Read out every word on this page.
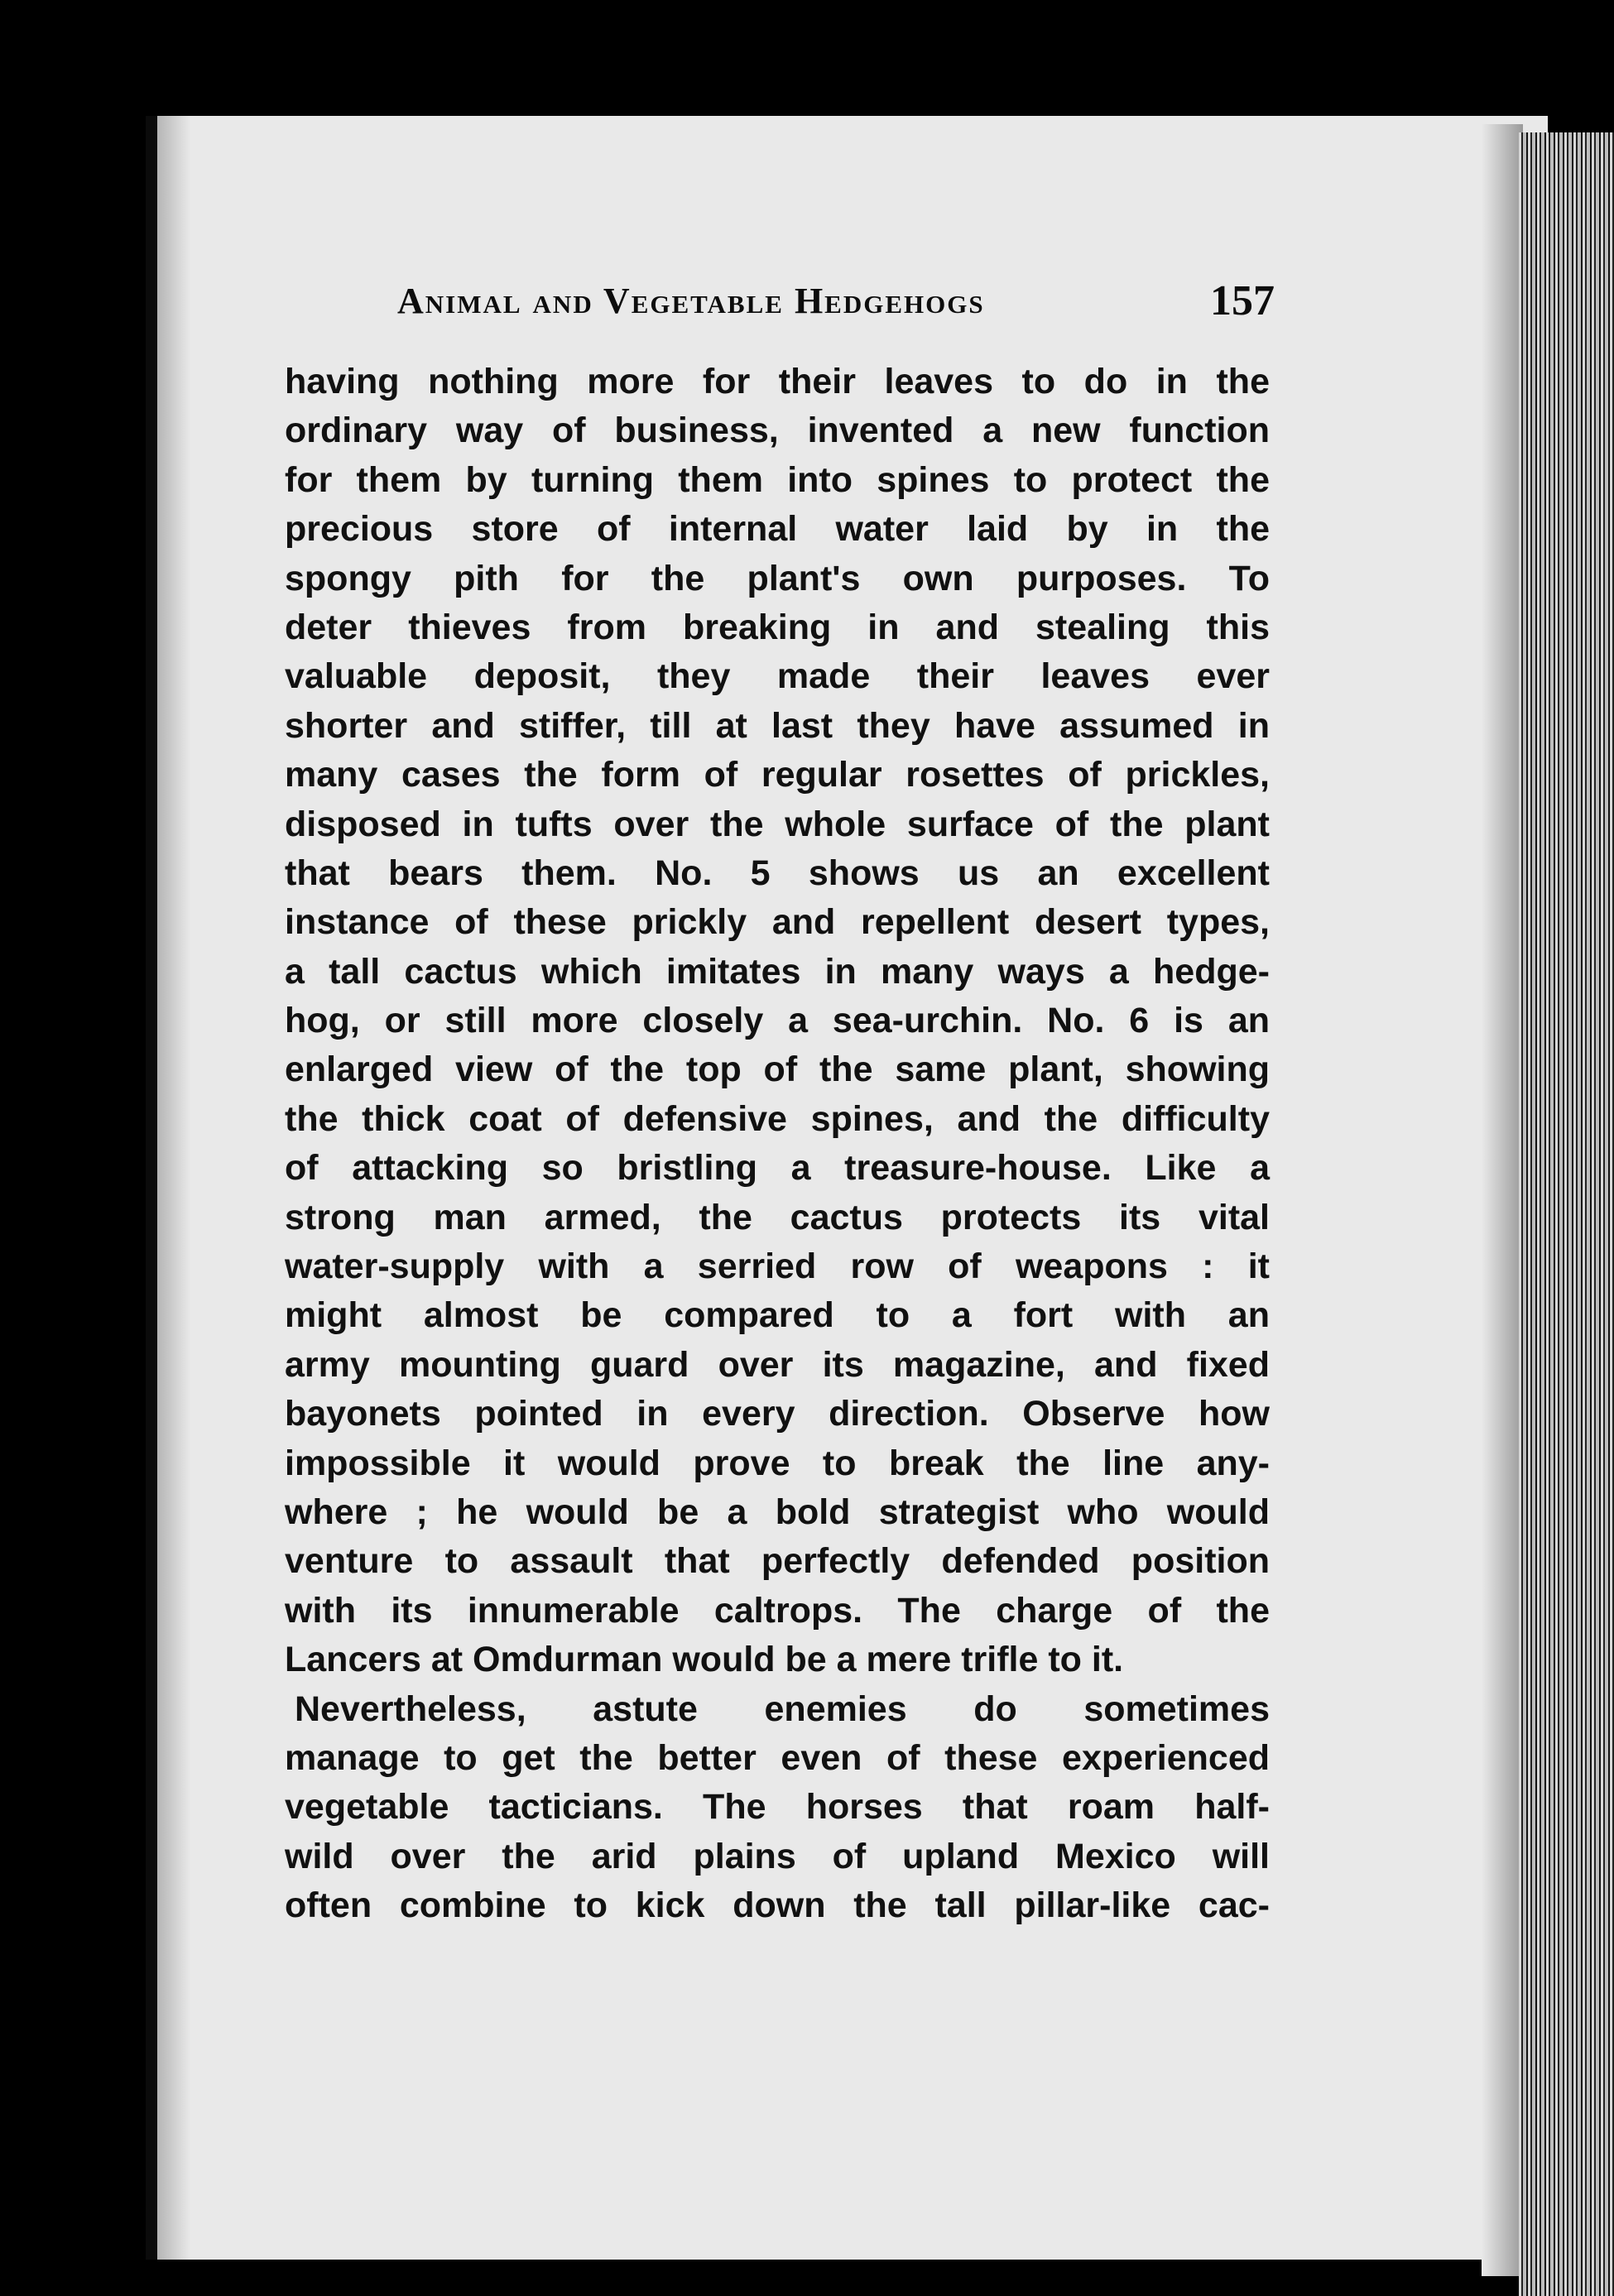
Animal and Vegetable Hedgehogs	157
having nothing more for their leaves to do in the
ordinary way of business, invented a new function
for them by turning them into spines to protect the
precious store of internal water laid by in the
spongy pith for the plant's own purposes. To
deter thieves from breaking in and stealing this
valuable deposit, they made their leaves ever
shorter and stiffer, till at last they have assumed in
many cases the form of regular rosettes of prickles,
disposed in tufts over the whole surface of the plant
that bears them. No. 5 shows us an excellent
instance of these prickly and repellent desert types,
a tall cactus which imitates in many ways a hedge-
hog, or still more closely a sea-urchin. No. 6 is an
enlarged view of the top of the same plant, showing
the thick coat of defensive spines, and the difficulty
of attacking so bristling a treasure-house. Like a
strong man armed, the cactus protects its vital
water-supply with a serried row of weapons : it
might almost be compared to a fort with an
army mounting guard over its magazine, and fixed
bayonets pointed in every direction. Observe how
impossible it would prove to break the line any-
where ; he would be a bold strategist who would
venture to assault that perfectly defended position
with its innumerable caltrops. The charge of the
Lancers at Omdurman would be a mere trifle to it.
Nevertheless, astute enemies do sometimes
manage to get the better even of these experienced
vegetable tacticians. The horses that roam half-
wild over the arid plains of upland Mexico will
often combine to kick down the tall pillar-like cac-
